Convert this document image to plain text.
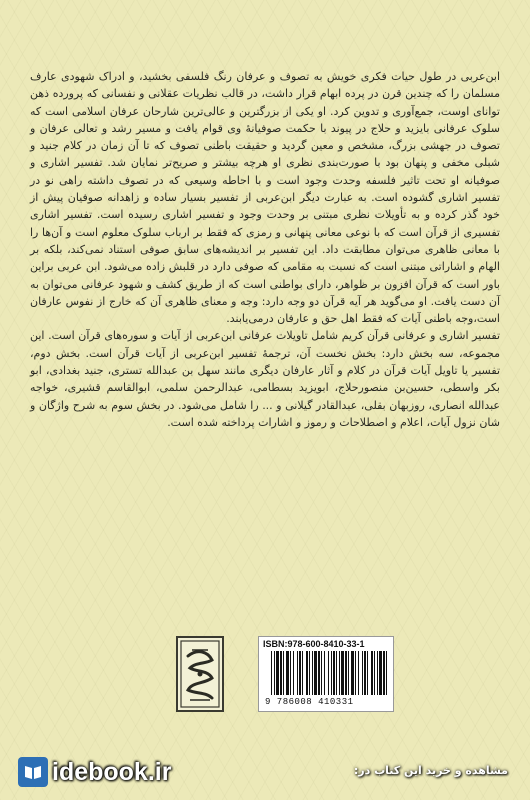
ابن‌عربی در طول حیات فکری خویش به تصوف و عرفان رنگ فلسفی بخشید، و ادراک شهودی عارف مسلمان را که چندین قرن در پرده ابهام قرار داشت، در قالب نظریات عقلانی و نفسانی که پرورده ذهن توانای اوست، جمع‌آوری و تدوین کرد. او یکی از بزرگترین و عالی‌ترین شارحان عرفان اسلامی است که سلوک عرفانی بایزید و حلاج در پیوند با حکمت صوفیانهٔ وی قوام یافت و مسیر رشد و تعالی عرفان و تصوف در جهشی بزرگ، مشخص و معین گردید و حقیقت باطنی تصوف که تا آن زمان در کلام جنید و شبلی مخفی و پنهان بود با صورت‌بندی نظری او هرچه بیشتر و صریح‌تر نمایان شد. تفسیر اشاری و صوفیانه او تحت تاثیر فلسفه وحدت وجود است و با احاطه وسیعی که در تصوف داشته راهی نو در تفسیر اشاری گشوده است. به عبارت دیگر ابن‌عربی از تفسیر بسیار ساده و زاهدانه صوفیان پیش از خود گذر کرده و به تأویلات نظری مبتنی بر وحدت وجود و تفسیر اشاری رسیده است. تفسیر اشاری تفسیری از قرآن است که با نوعی معانی پنهانی و رمزی که فقط بر ارباب سلوک معلوم است و آن‌ها را با معانی ظاهری می‌توان مطابقت داد. این تفسیر بر اندیشه‌های سابق صوفی استناد نمی‌کند، بلکه بر الهام و اشاراتی مبتنی است که نسبت به مقامی که صوفی دارد در قلبش زاده می‌شود. ابن عربی براین باور است که قرآن افزون بر ظواهر، دارای بواطنی است که از طریق کشف و شهود عرفانی می‌توان به آن دست یافت. او می‌گوید هر آیه قرآن دو وجه دارد: وجه و معنای ظاهری آن که خارج از نفوس عارفان است،وجه باطنی آیات که فقط اهل حق و عارفان درمی‌یابند.

تفسیر اشاری و عرفانی قرآن کریم شامل تاویلات عرفانی ابن‌عربی از آیات و سوره‌های قرآن است. این مجموعه، سه بخش دارد: بخش نخست آن، ترجمهٔ تفسیر ابن‌عربی از آیات قرآن است. بخش دوم، تفسیر یا تاویل آیات قرآن در کلام و آثار عارفان دیگری مانند سهل بن عبدالله تستری، جنید بغدادی، ابو بکر واسطی، حسین‌بن منصورحلاج، ابویزید بسطامی، عبدالرحمن سلمی، ابوالقاسم قشیری، خواجه عبدالله انصاری، روزبهان بقلی، عبدالقادر گیلانی و ... را شامل می‌شود. در بخش سوم به شرح واژگان و شان نزول آیات، اعلام و اصطلاحات و رموز و اشارات پرداخته شده است.

ISBN:978-600-8410-33-1
9 786008 410331
idebook.ir	مشاهده و خرید این کتاب در:
